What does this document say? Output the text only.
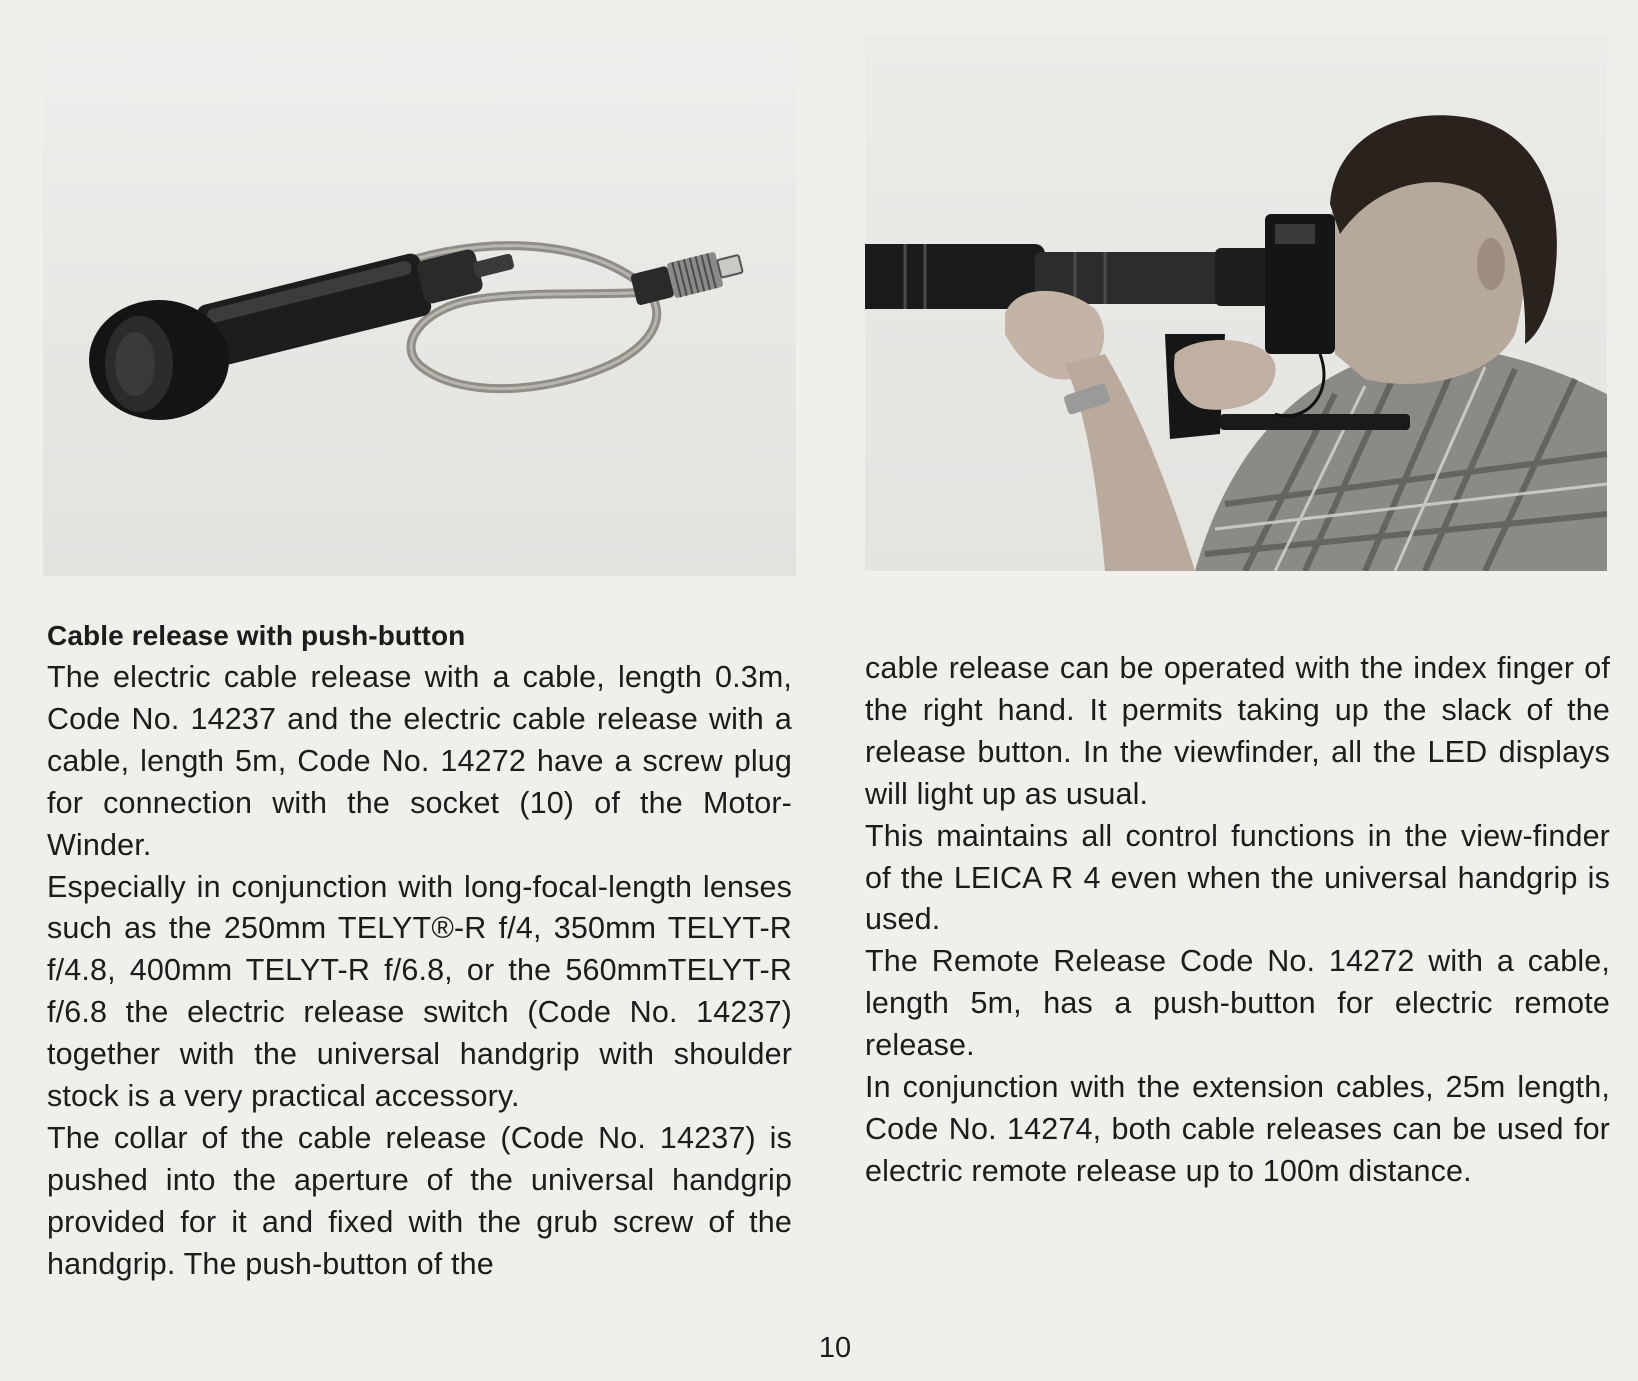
Cable release with push-button

The electric cable release with a cable, length 0.3m, Code No. 14237 and the electric cable release with a cable, length 5m, Code No. 14272 have a screw plug for connection with the socket (10) of the Motor-Winder.

Especially in conjunction with long-focal-length lenses such as the 250mm TELYT®-R f/4, 350mm TELYT-R f/4.8, 400mm TELYT-R f/6.8, or the 560mmTELYT-R f/6.8 the electric release switch (Code No. 14237) together with the universal handgrip with shoulder stock is a very practical accessory.

The collar of the cable release (Code No. 14237) is pushed into the aperture of the universal handgrip provided for it and fixed with the grub screw of the handgrip. The push-button of the

cable release can be operated with the index finger of the right hand. It permits taking up the slack of the release button. In the viewfinder, all the LED displays will light up as usual.

This maintains all control functions in the view-finder of the LEICA R 4 even when the universal handgrip is used.

The Remote Release Code No. 14272 with a cable, length 5m, has a push-button for electric remote release.

In conjunction with the extension cables, 25m length, Code No. 14274, both cable releases can be used for electric remote release up to 100m distance.

10
